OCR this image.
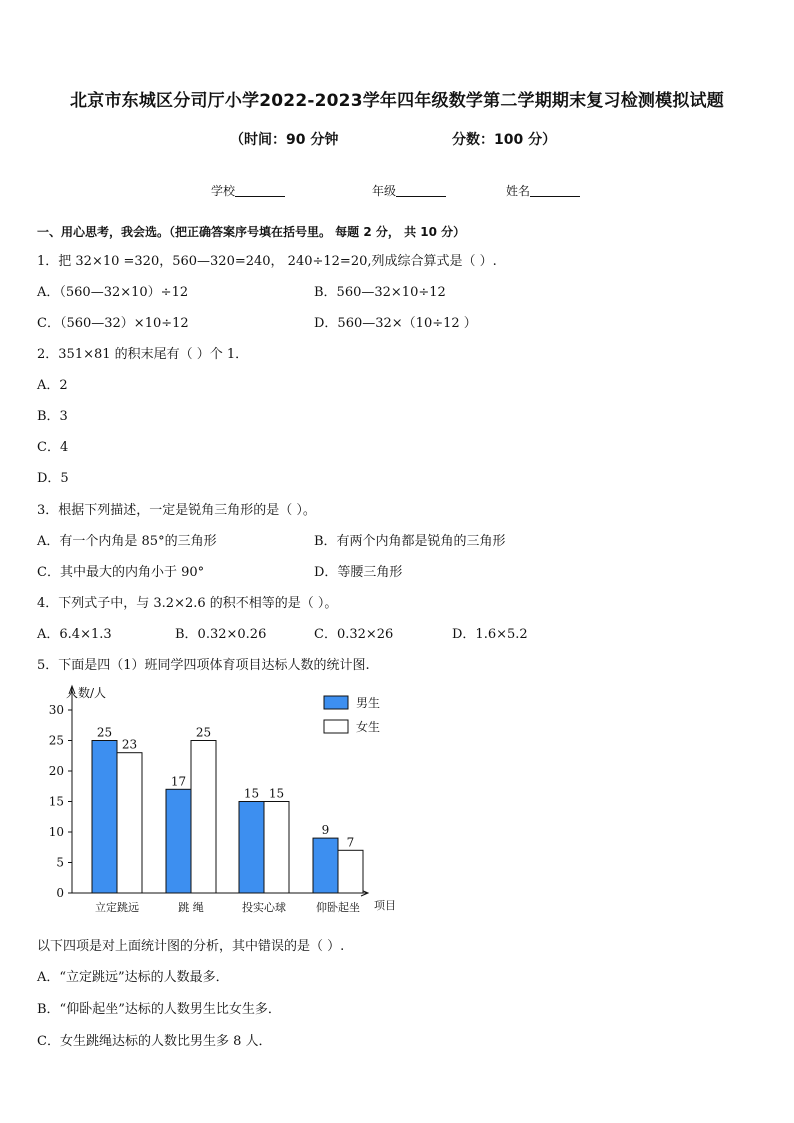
北京市东城区分司厅小学2022-2023学年四年级数学第二学期期末复习检测模拟试题
（时间：90 分钟	分数：100 分）
学校	年级	姓名
一、用心思考，我会选。（把正确答案序号填在括号里。 每题 2 分， 共 10 分）
1．把 32×10 =320，560—320=240， 240÷12=20,列成综合算式是（ ）.
A．（560—32×10）÷12	B．560—32×10÷12
C．（560—32）×10÷12	D．560—32×（10÷12 ）
2．351×81 的积末尾有（ ）个 1．
A．2
B．3
C．4
D．5
3．根据下列描述，一定是锐角三角形的是（ ）。
A．有一个内角是 85°的三角形	B．有两个内角都是锐角的三角形
C．其中最大的内角小于 90°	D．等腰三角形
4．下列式子中，与 3.2×2.6 的积不相等的是（ ）。
A．6.4×1.3	B．0.32×0.26	C．0.32×26	D．1.6×5.2
5．下面是四（1）班同学四项体育项目达标人数的统计图.
人数/人
项目
0
5
10
15
20
25
30
25
23
立定跳远
17
25
跳 绳
15 15
投实心球
9
7
仰卧起坐
男生
女生
以下四项是对上面统计图的分析，其中错误的是（ ）.
A．“立定跳远”达标的人数最多．
B．“仰卧起坐”达标的人数男生比女生多．
C．女生跳绳达标的人数比男生多 8 人．
